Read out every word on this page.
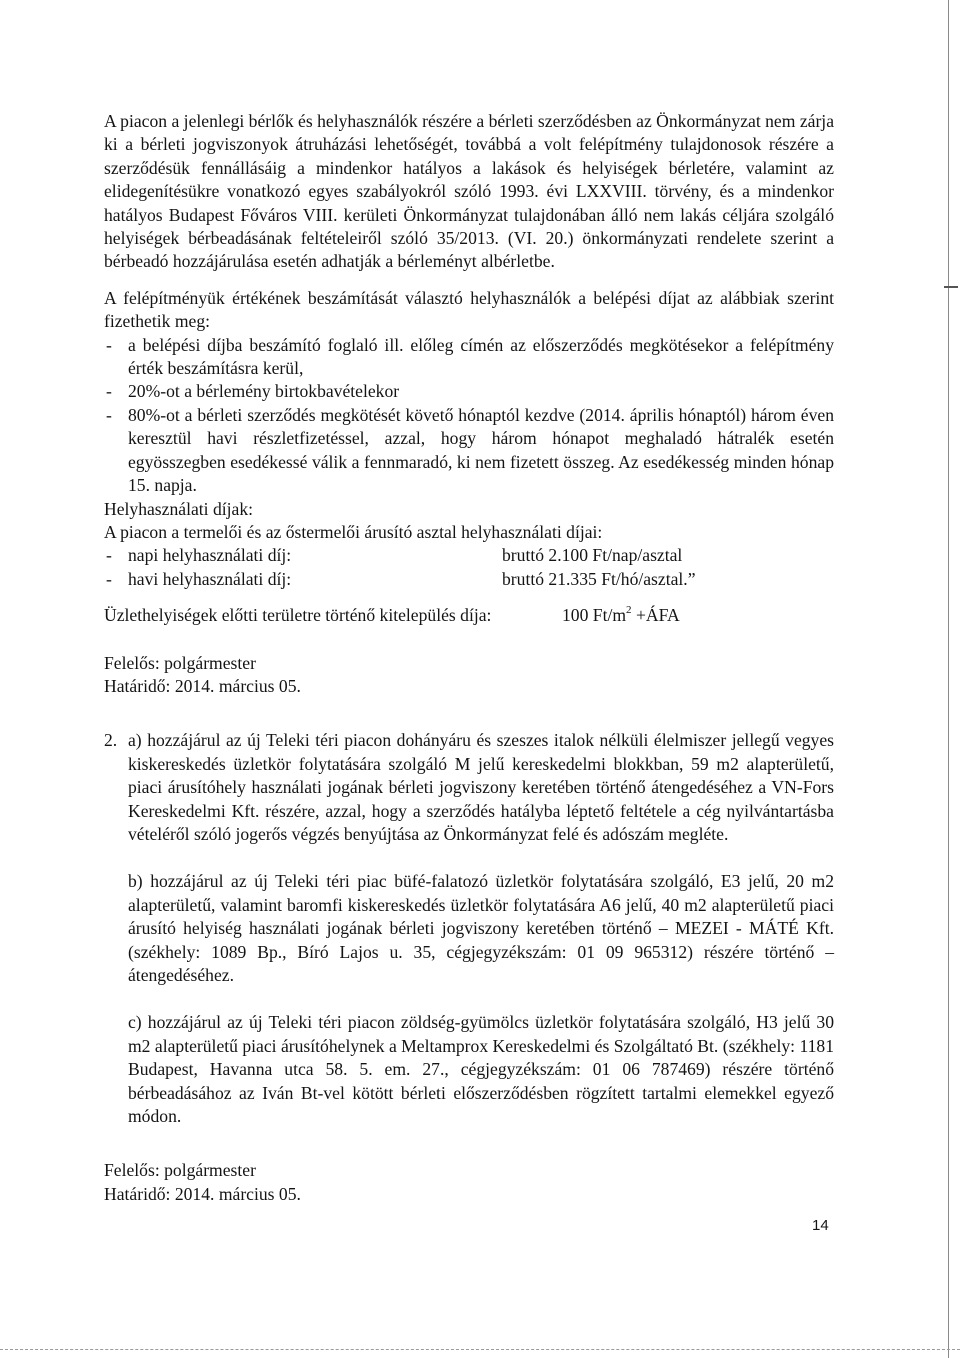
A piacon a jelenlegi bérlők és helyhasználók részére a bérleti szerződésben az Önkormányzat nem zárja ki a bérleti jogviszonyok átruházási lehetőségét, továbbá a volt felépítmény tulajdonosok részére a szerződésük fennállásáig a mindenkor hatályos a lakások és helyiségek bérletére, valamint az elidegenítésükre vonatkozó egyes szabályokról szóló 1993. évi LXXVIII. törvény, és a mindenkor hatályos Budapest Főváros VIII. kerületi Önkormányzat tulajdonában álló nem lakás céljára szolgáló helyiségek bérbeadásának feltételeiről szóló 35/2013. (VI. 20.) önkormányzati rendelete szerint a bérbeadó hozzájárulása esetén adhatják a bérleményt albérletbe.

A felépítményük értékének beszámítását választó helyhasználók a belépési díjat az alábbiak szerint fizethetik meg:

- a belépési díjba beszámító foglaló ill. előleg címén az előszerződés megkötésekor a felépítmény érték beszámításra kerül,
- 20%-ot a bérlemény birtokbavételekor
- 80%-ot a bérleti szerződés megkötését követő hónaptól kezdve (2014. április hónaptól) három éven keresztül havi részletfizetéssel, azzal, hogy három hónapot meghaladó hátralék esetén egyösszegben esedékessé válik a fennmaradó, ki nem fizetett összeg. Az esedékesség minden hónap 15. napja.

Helyhasználati díjak:

A piacon a termelői és az őstermelői árusító asztal helyhasználati díjai:

- napi helyhasználati díj:	bruttó 2.100 Ft/nap/asztal
- havi helyhasználati díj:	bruttó 21.335 Ft/hó/asztal.”
Üzlethelyiségek előtti területre történő kitelepülés díja:	100 $Ft/m^2$ +ÁFA

Felelős: polgármester

Határidő: 2014. március 05.

2. a) hozzájárul az új Teleki téri piacon dohányáru és szeszes italok nélküli élelmiszer jellegű vegyes kiskereskedés üzletkör folytatására szolgáló M jelű kereskedelmi blokkban, 59 m2 alapterületű, piaci árusítóhely használati jogának bérleti jogviszony keretében történő átengedéséhez a VN-Fors Kereskedelmi Kft. részére, azzal, hogy a szerződés hatályba léptető feltétele a cég nyilvántartásba vételéről szóló jogerős végzés benyújtása az Önkormányzat felé és adószám megléte.

b) hozzájárul az új Teleki téri piac büfé-falatozó üzletkör folytatására szolgáló, E3 jelű, 20 m2 alapterületű, valamint baromfi kiskereskedés üzletkör folytatására A6 jelű, 40 m2 alapterületű piaci árusító helyiség használati jogának bérleti jogviszony keretében történő – MEZEI - MÁTÉ Kft. (székhely: 1089 Bp., Bíró Lajos u. 35, cégjegyzékszám: 01 09 965312) részére történő – átengedéséhez.

c) hozzájárul az új Teleki téri piacon zöldség-gyümölcs üzletkör folytatására szolgáló, H3 jelű 30 m2 alapterületű piaci árusítóhelynek a Meltamprox Kereskedelmi és Szolgáltató Bt. (székhely: 1181 Budapest, Havanna utca 58. 5. em. 27., cégjegyzékszám: 01 06 787469) részére történő bérbeadásához az Iván Bt-vel kötött bérleti előszerződésben rögzített tartalmi elemekkel egyező módon.

Felelős: polgármester

Határidő: 2014. március 05.

14
